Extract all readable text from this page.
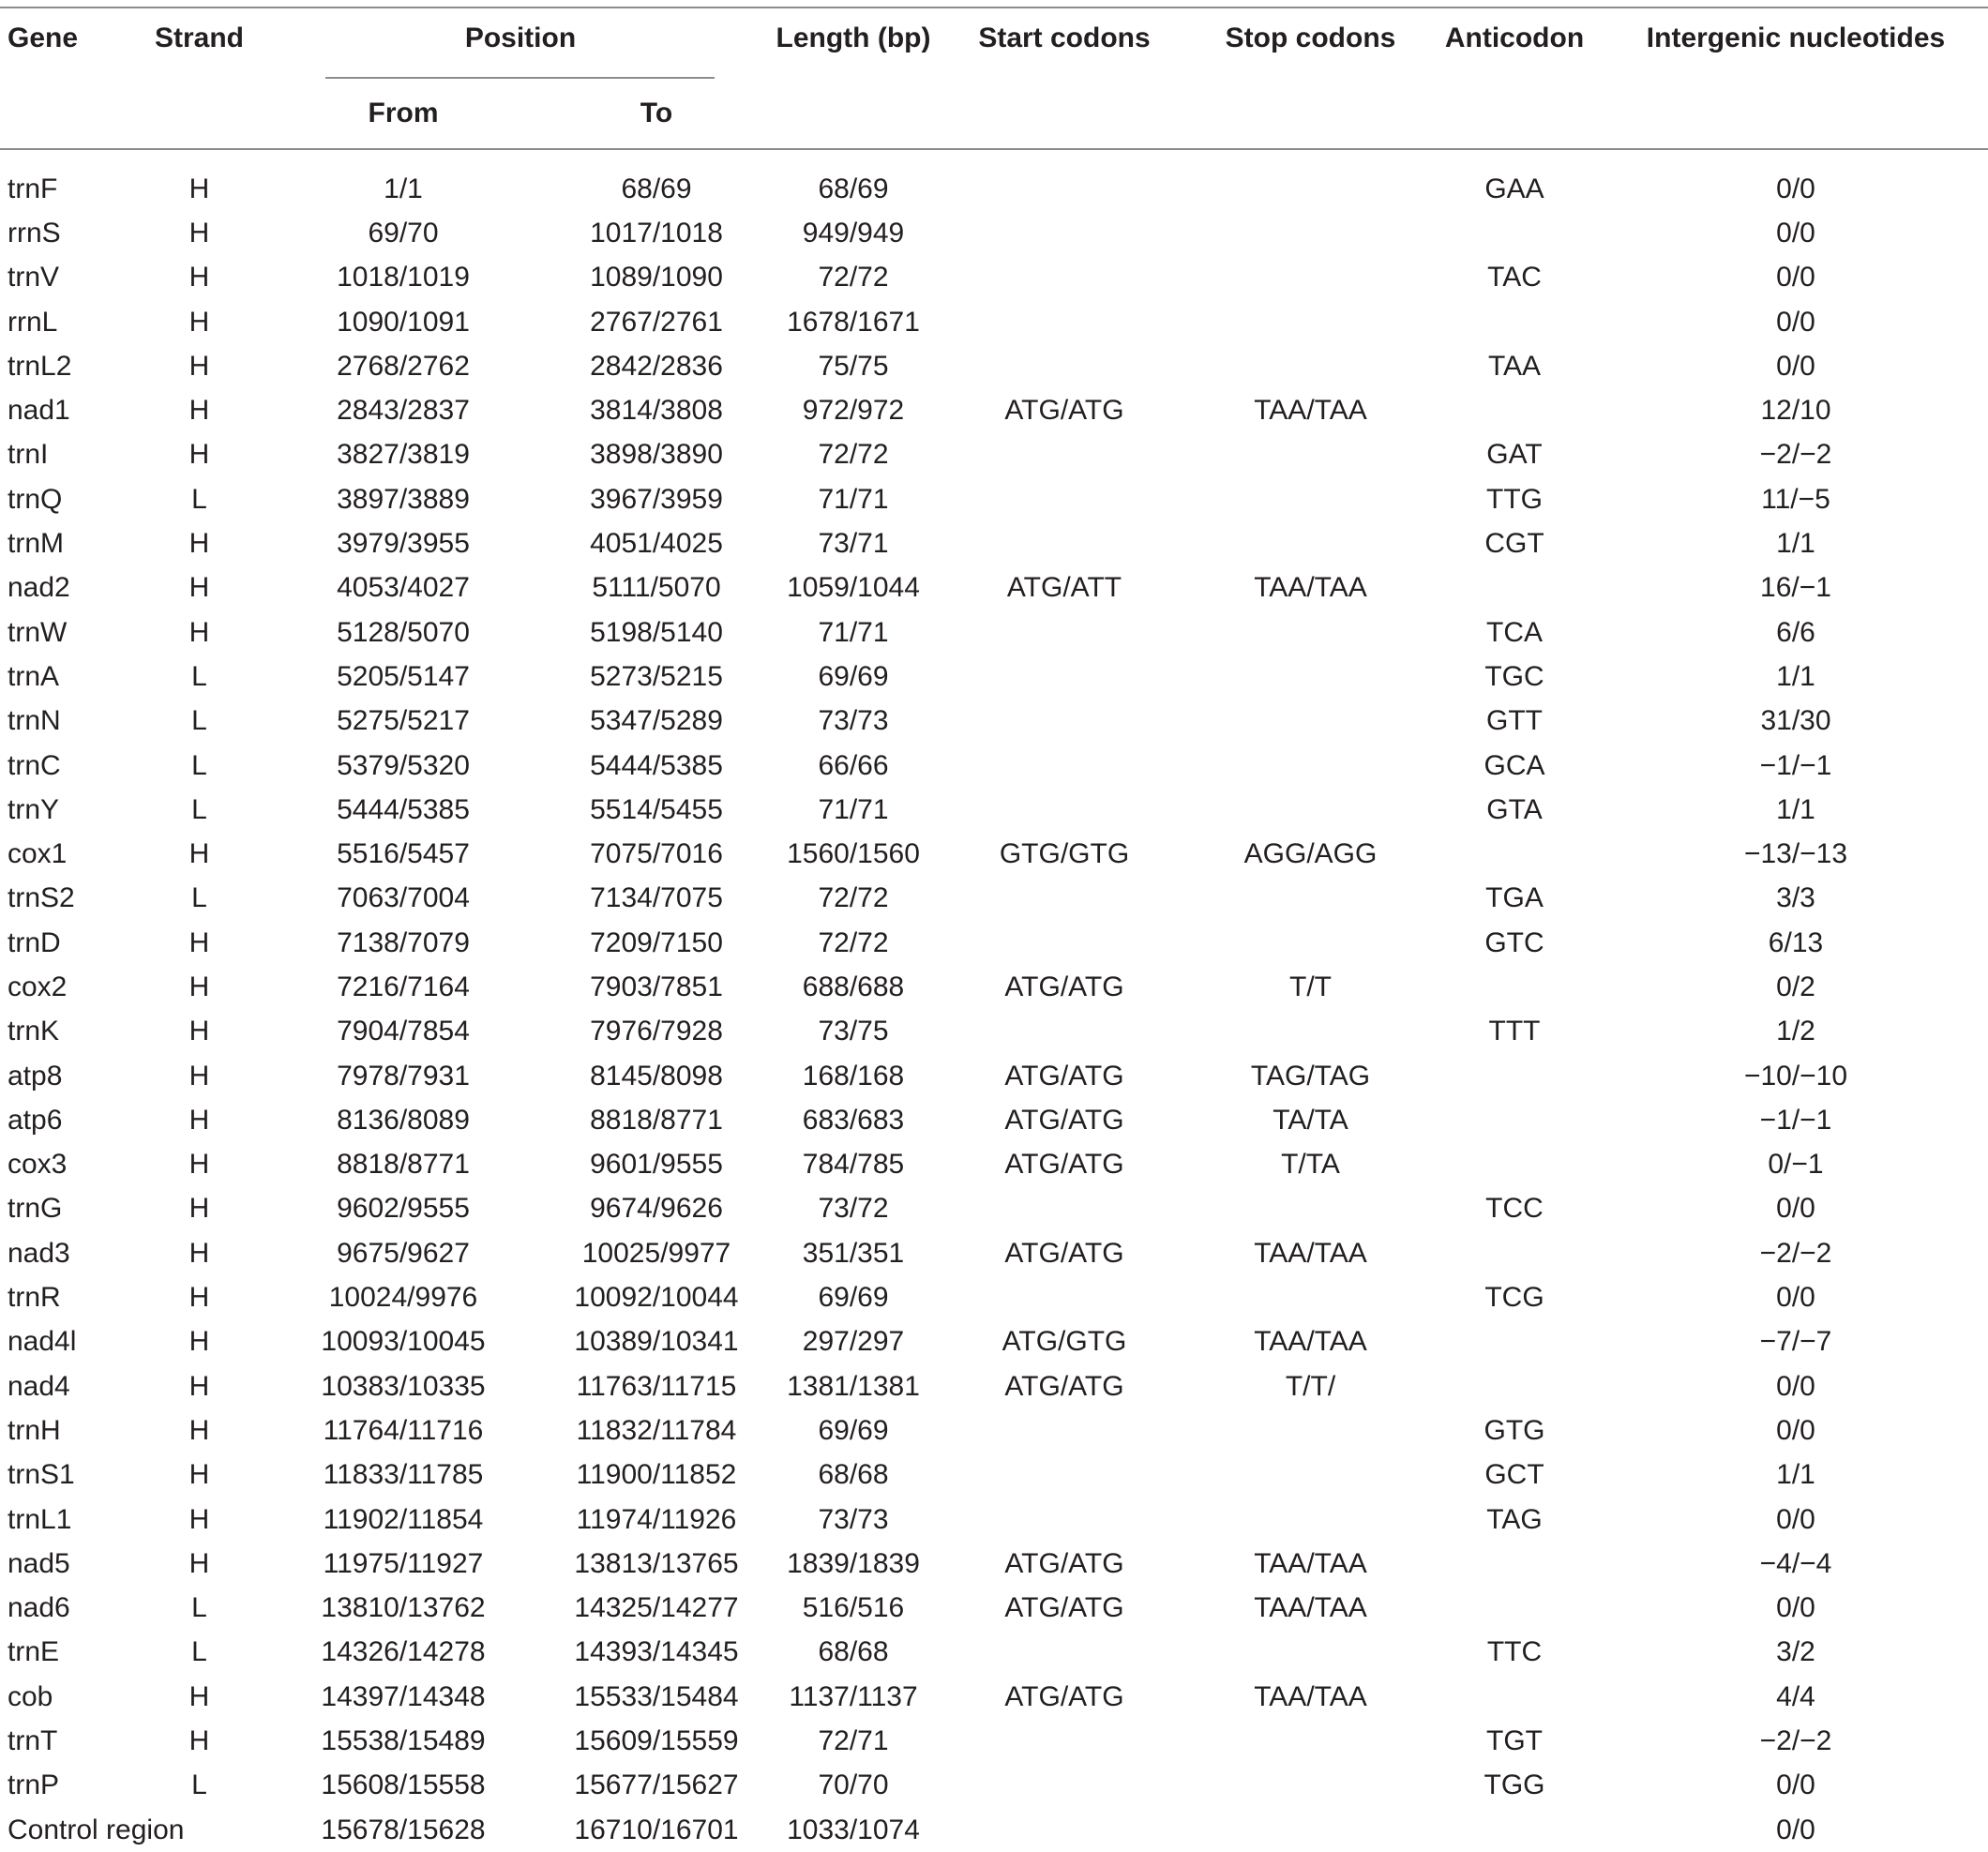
Gene	Strand	Position		Length (bp)	Start codons	Stop codons	Anticodon	Intergenic nucleotides
		From	To					

trnF	H	1/1	68/69	68/69			GAA	0/0
rrnS	H	69/70	1017/1018	949/949				0/0
trnV	H	1018/1019	1089/1090	72/72			TAC	0/0
rrnL	H	1090/1091	2767/2761	1678/1671				0/0
trnL2	H	2768/2762	2842/2836	75/75			TAA	0/0
nad1	H	2843/2837	3814/3808	972/972	ATG/ATG	TAA/TAA		12/10
trnI	H	3827/3819	3898/3890	72/72			GAT	−2/−2
trnQ	L	3897/3889	3967/3959	71/71			TTG	11/−5
trnM	H	3979/3955	4051/4025	73/71			CGT	1/1
nad2	H	4053/4027	5111/5070	1059/1044	ATG/ATT	TAA/TAA		16/−1
trnW	H	5128/5070	5198/5140	71/71			TCA	6/6
trnA	L	5205/5147	5273/5215	69/69			TGC	1/1
trnN	L	5275/5217	5347/5289	73/73			GTT	31/30
trnC	L	5379/5320	5444/5385	66/66			GCA	−1/−1
trnY	L	5444/5385	5514/5455	71/71			GTA	1/1
cox1	H	5516/5457	7075/7016	1560/1560	GTG/GTG	AGG/AGG		−13/−13
trnS2	L	7063/7004	7134/7075	72/72			TGA	3/3
trnD	H	7138/7079	7209/7150	72/72			GTC	6/13
cox2	H	7216/7164	7903/7851	688/688	ATG/ATG	T/T		0/2
trnK	H	7904/7854	7976/7928	73/75			TTT	1/2
atp8	H	7978/7931	8145/8098	168/168	ATG/ATG	TAG/TAG		−10/−10
atp6	H	8136/8089	8818/8771	683/683	ATG/ATG	TA/TA		−1/−1
cox3	H	8818/8771	9601/9555	784/785	ATG/ATG	T/TA		0/−1
trnG	H	9602/9555	9674/9626	73/72			TCC	0/0
nad3	H	9675/9627	10025/9977	351/351	ATG/ATG	TAA/TAA		−2/−2
trnR	H	10024/9976	10092/10044	69/69			TCG	0/0
nad4l	H	10093/10045	10389/10341	297/297	ATG/GTG	TAA/TAA		−7/−7
nad4	H	10383/10335	11763/11715	1381/1381	ATG/ATG	T/T/		0/0
trnH	H	11764/11716	11832/11784	69/69			GTG	0/0
trnS1	H	11833/11785	11900/11852	68/68			GCT	1/1
trnL1	H	11902/11854	11974/11926	73/73			TAG	0/0
nad5	H	11975/11927	13813/13765	1839/1839	ATG/ATG	TAA/TAA		−4/−4
nad6	L	13810/13762	14325/14277	516/516	ATG/ATG	TAA/TAA		0/0
trnE	L	14326/14278	14393/14345	68/68			TTC	3/2
cob	H	14397/14348	15533/15484	1137/1137	ATG/ATG	TAA/TAA		4/4
trnT	H	15538/15489	15609/15559	72/71			TGT	−2/−2
trnP	L	15608/15558	15677/15627	70/70			TGG	0/0
Control region		15678/15628	16710/16701	1033/1074				0/0
